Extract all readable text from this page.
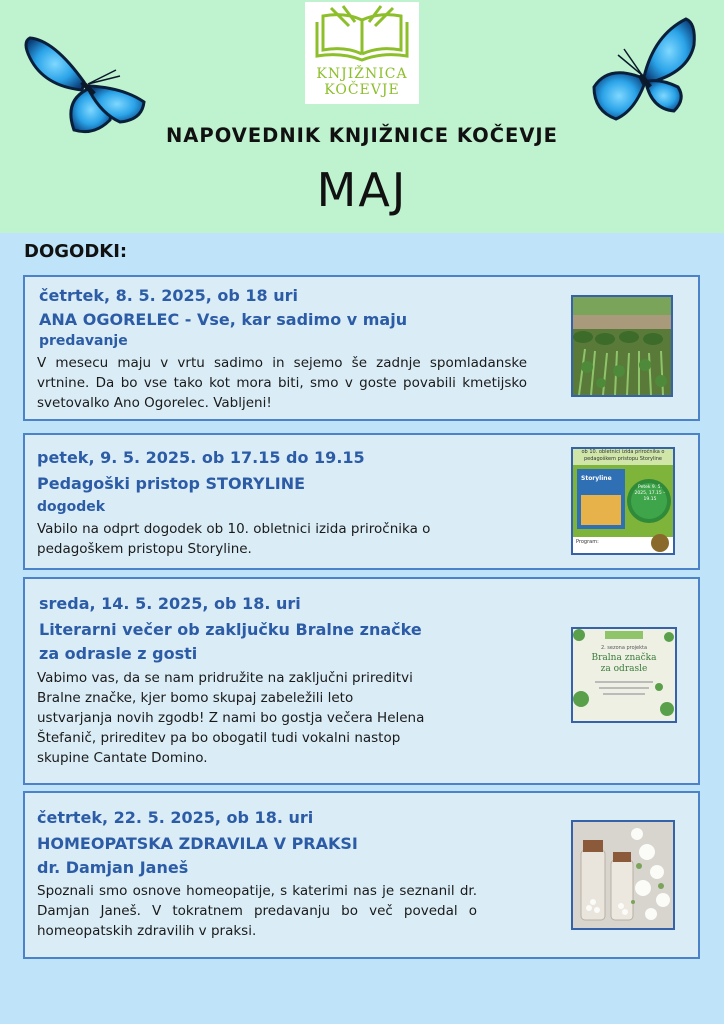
KNJIŽNICA
KOČEVJE
NAPOVEDNIK KNJIŽNICE KOČEVJE
MAJ
DOGODKI:
četrtek, 8. 5. 2025, ob 18 uri
ANA OGORELEC - Vse, kar sadimo v maju
predavanje
V mesecu maju v vrtu sadimo in sejemo še zadnje spomladanske vrtnine. Da bo vse tako kot mora biti, smo v goste povabili kmetijsko svetovalko Ano Ogorelec. Vabljeni!
petek, 9. 5. 2025. ob 17.15 do 19.15
Pedagoški pristop STORYLINE
dogodek
Vabilo na odprt dogodek ob 10. obletnici izida priročnika o pedagoškem pristopu Storyline.
ob 10. obletnici izida priročnika o pedagoškem pristopu Storyline
Storyline
Petek 9. 5. 2025, 17.15 – 19.15
Program:
sreda, 14. 5. 2025, ob 18. uri
Literarni večer ob zaključku Bralne značke
za odrasle z gosti
Vabimo vas, da se nam pridružite na zaključni prireditvi Bralne značke, kjer bomo skupaj zabeležili leto ustvarjanja novih zgodb! Z nami bo gostja večera Helena Štefanič, prireditev pa bo obogatil tudi vokalni nastop skupine Cantate Domino.
2. sezona projekta
Bralna značka
za odrasle
četrtek, 22. 5. 2025, ob 18. uri
HOMEOPATSKA ZDRAVILA V PRAKSI
dr. Damjan Janeš
Spoznali smo osnove homeopatije, s katerimi nas je seznanil dr. Damjan Janeš. V tokratnem predavanju bo več povedal o homeopatskih zdravilih v praksi.
